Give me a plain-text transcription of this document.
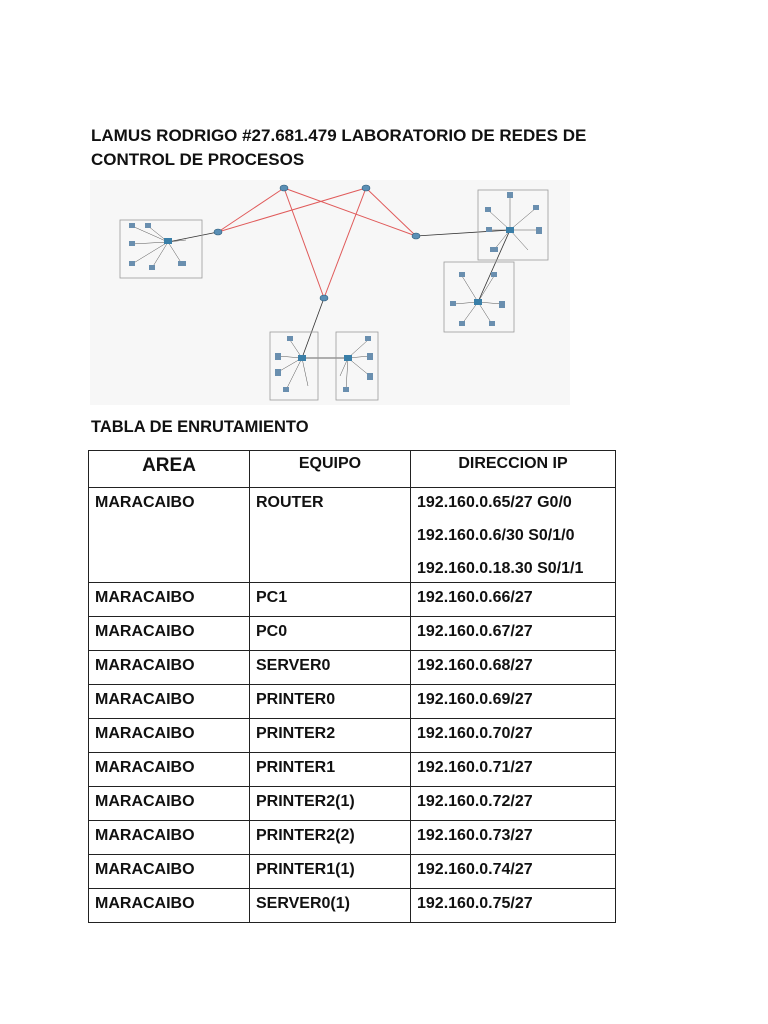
LAMUS RODRIGO #27.681.479 LABORATORIO DE REDES DE CONTROL DE PROCESOS
TABLA DE ENRUTAMIENTO
AREA	EQUIPO	DIRECCION IP
MARACAIBO	ROUTER	192.160.0.65/27 G0/0
192.160.0.6/30 S0/1/0
192.160.0.18.30 S0/1/1

MARACAIBO	PC1	192.160.0.66/27

MARACAIBO	PC0	192.160.0.67/27

MARACAIBO	SERVER0	192.160.0.68/27

MARACAIBO	PRINTER0	192.160.0.69/27

MARACAIBO	PRINTER2	192.160.0.70/27

MARACAIBO	PRINTER1	192.160.0.71/27

MARACAIBO	PRINTER2(1)	192.160.0.72/27

MARACAIBO	PRINTER2(2)	192.160.0.73/27

MARACAIBO	PRINTER1(1)	192.160.0.74/27

MARACAIBO	SERVER0(1)	192.160.0.75/27
